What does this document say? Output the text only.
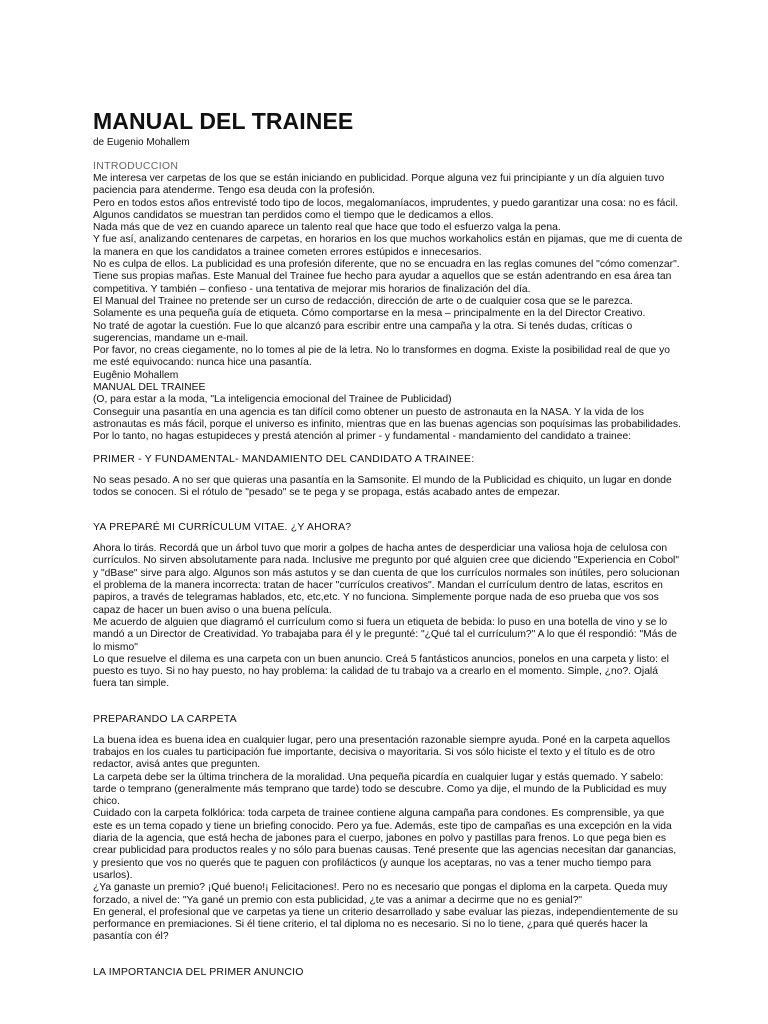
MANUAL DEL TRAINEE
de Eugenio Mohallem
INTRODUCCION

Me interesa ver carpetas de los que se están iniciando en publicidad. Porque alguna vez fui principiante y un día alguien tuvo paciencia para atenderme. Tengo esa deuda con la profesión.

Pero en todos estos años entrevisté todo tipo de locos, megalomaníacos, imprudentes, y puedo garantizar una cosa: no es fácil. Algunos candidatos se muestran tan perdidos como el tiempo que le dedicamos a ellos.

Nada más que de vez en cuando aparece un talento real que hace que todo el esfuerzo valga la pena.

Y fue así, analizando centenares de carpetas, en horarios en los que muchos workaholics están en pijamas, que me di cuenta de la manera en que los candidatos a trainee cometen errores estúpidos e innecesarios.

No es culpa de ellos. La publicidad es una profesión diferente, que no se encuadra en las reglas comunes del "cómo comenzar". Tiene sus propias mañas. Este Manual del Trainee fue hecho para ayudar a aquellos que se están adentrando en esa área tan competitiva. Y también – confieso - una tentativa de mejorar mis horarios de finalización del día.

El Manual del Trainee no pretende ser un curso de redacción, dirección de arte o de cualquier cosa que se le parezca. Solamente es una pequeña guía de etiqueta. Cómo comportarse en la mesa – principalmente en la del Director Creativo.

No traté de agotar la cuestión. Fue lo que alcanzó para escribir entre una campaña y la otra. Si tenés dudas, críticas o sugerencias, mandame un e-mail.

Por favor, no creas ciegamente, no lo tomes al pie de la letra. No lo transformes en dogma. Existe la posibilidad real de que yo me esté equivocando: nunca hice una pasantía.

Eugênio Mohallem

MANUAL DEL TRAINEE

(O, para estar a la moda, "La inteligencia emocional del Trainee de Publicidad)

Conseguir una pasantía en una agencia es tan difícil como obtener un puesto de astronauta en la NASA. Y la vida de los astronautas es más fácil, porque el universo es infinito, mientras que en las buenas agencias son poquísimas las probabilidades. Por lo tanto, no hagas estupideces y prestá atención al primer - y fundamental - mandamiento del candidato a trainee:

PRIMER - Y FUNDAMENTAL- MANDAMIENTO DEL CANDIDATO A TRAINEE:

No seas pesado. A no ser que quieras una pasantía en la Samsonite. El mundo de la Publicidad es chiquito, un lugar en donde todos se conocen. Si el rótulo de "pesado" se te pega y se propaga, estás acabado antes de empezar.

YA PREPARÉ MI CURRÍCULUM VITAE. ¿Y AHORA?

Ahora lo tirás. Recordá que un árbol tuvo que morir a golpes de hacha antes de desperdiciar una valiosa hoja de celulosa con currículos. No sirven absolutamente para nada. Inclusive me pregunto por qué alguien cree que diciendo "Experiencia en Cobol" y "dBase" sirve para algo. Algunos son más astutos y se dan cuenta de que los currículos normales son inútiles, pero solucionan el problema de la manera incorrecta: tratan de hacer "currículos creativos". Mandan el currículum dentro de latas, escritos en papiros, a través de telegramas hablados, etc, etc,etc. Y no funciona. Simplemente porque nada de eso prueba que vos sos capaz de hacer un buen aviso o una buena película.

Me acuerdo de alguien que diagramó el currículum como si fuera un etiqueta de bebida: lo puso en una botella de vino y se lo mandó a un Director de Creatividad. Yo trabajaba para él y le pregunté: "¿Qué tal el currículum?" A lo que él respondió: "Más de lo mismo"

Lo que resuelve el dilema es una carpeta con un buen anuncio. Creá 5 fantásticos anuncios, ponelos en una carpeta y listo: el puesto es tuyo. Si no hay puesto, no hay problema: la calidad de tu trabajo va a crearlo en el momento. Simple, ¿no?. Ojalá fuera tan simple.

PREPARANDO LA CARPETA

La buena idea es buena idea en cualquier lugar, pero una presentación razonable siempre ayuda. Poné en la carpeta aquellos trabajos en los cuales tu participación fue importante, decisiva o mayoritaria. Si vos sólo hiciste el texto y el título es de otro redactor, avisá antes que pregunten.

La carpeta debe ser la última trinchera de la moralidad. Una pequeña picardía en cualquier lugar y estás quemado. Y sabelo: tarde o temprano (generalmente más temprano que tarde) todo se descubre. Como ya dije, el mundo de la Publicidad es muy chico.

Cuidado con la carpeta folklórica: toda carpeta de trainee contiene alguna campaña para condones. Es comprensible, ya que este es un tema copado y tiene un briefing conocido. Pero ya fue. Además, este tipo de campañas es una excepción en la vida diaria de la agencia, que está hecha de jabones para el cuerpo, jabones en polvo y pastillas para frenos. Lo que pega bien es crear publicidad para productos reales y no sólo para buenas causas. Tené presente que las agencias necesitan dar ganancias, y presiento que vos no querés que te paguen con profilácticos (y aunque los aceptaras, no vas a tener mucho tiempo para usarlos).

¿Ya ganaste un premio? ¡Qué bueno!¡ Felicitaciones!. Pero no es necesario que pongas el diploma en la carpeta. Queda muy forzado, a nivel de: "Ya gané un premio con esta publicidad, ¿te vas a animar a decirme que no es genial?"

En general, el profesional que ve carpetas ya tiene un criterio desarrollado y sabe evaluar las piezas, independientemente de su performance en premiaciones. Si él tiene criterio, el tal diploma no es necesario. Si no lo tiene, ¿para qué querés hacer la pasantía con él?

LA IMPORTANCIA DEL PRIMER ANUNCIO
